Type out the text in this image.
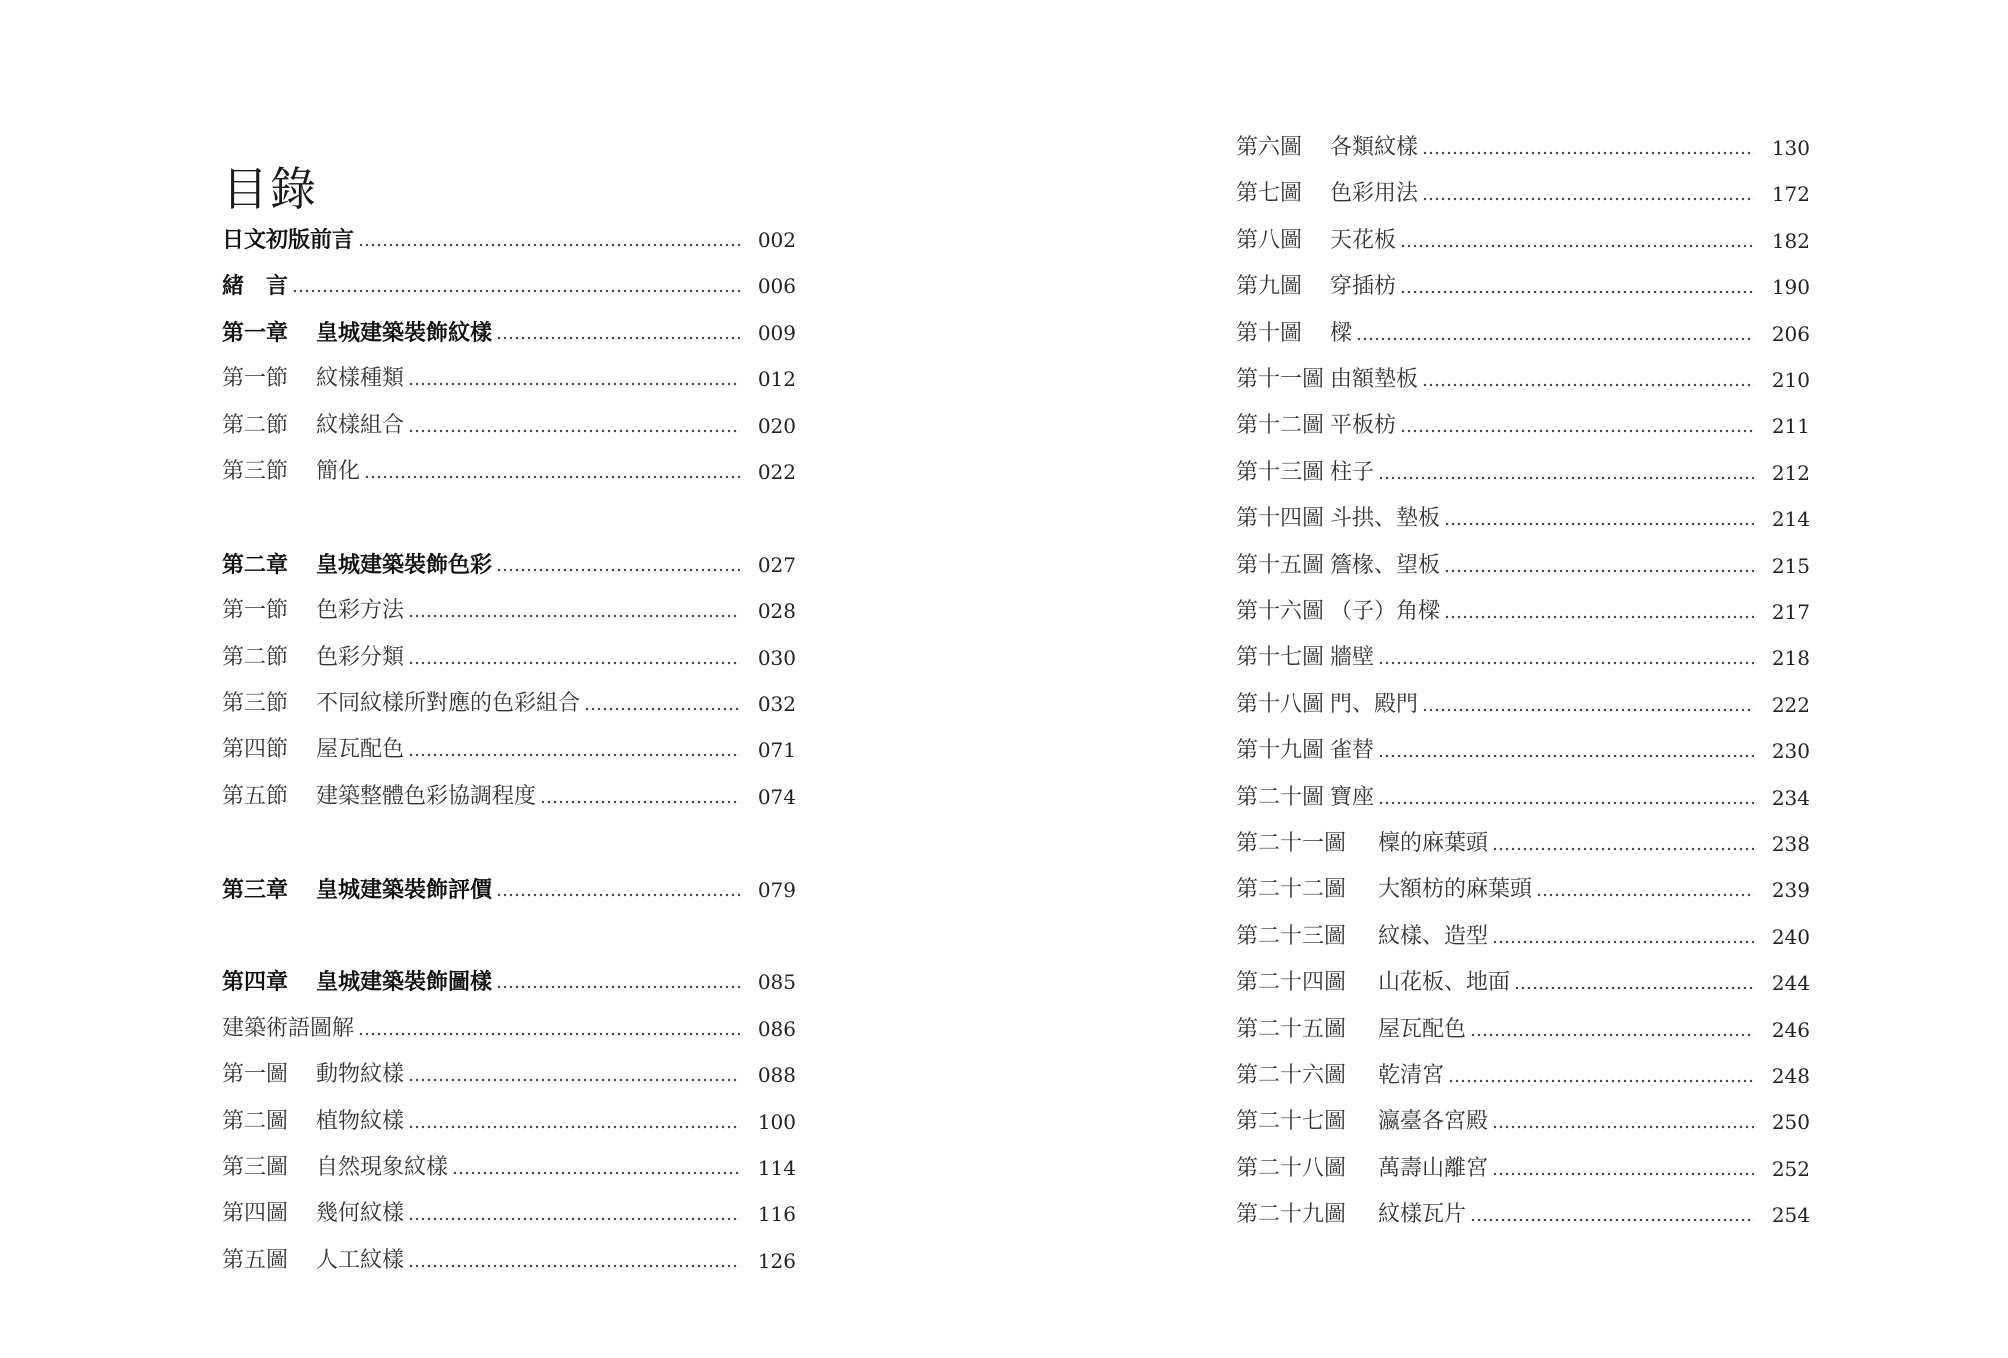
目錄
日文初版前言	002
緒　言	006
第一章	皇城建築裝飾紋樣	009
第一節	紋樣種類	012
第二節	紋樣組合	020
第三節	簡化	022
第二章	皇城建築裝飾色彩	027
第一節	色彩方法	028
第二節	色彩分類	030
第三節	不同紋樣所對應的色彩組合	032
第四節	屋瓦配色	071
第五節	建築整體色彩協調程度	074
第三章	皇城建築裝飾評價	079
第四章	皇城建築裝飾圖樣	085
建築術語圖解	086
第一圖	動物紋樣	088
第二圖	植物紋樣	100
第三圖	自然現象紋樣	114
第四圖	幾何紋樣	116
第五圖	人工紋樣	126
第六圖	各類紋樣	130
第七圖	色彩用法	172
第八圖	天花板	182
第九圖	穿插枋	190
第十圖	樑	206
第十一圖 由額墊板	210
第十二圖 平板枋	211
第十三圖 柱子	212
第十四圖 斗拱、墊板	214
第十五圖 簷椽、望板	215
第十六圖 （子）角樑	217
第十七圖 牆壁	218
第十八圖 門、殿門	222
第十九圖 雀替	230
第二十圖 寶座	234
第二十一圖	檁的麻葉頭	238
第二十二圖	大額枋的麻葉頭	239
第二十三圖	紋樣、造型	240
第二十四圖	山花板、地面	244
第二十五圖	屋瓦配色	246
第二十六圖	乾清宮	248
第二十七圖	瀛臺各宮殿	250
第二十八圖	萬壽山離宮	252
第二十九圖	紋樣瓦片	254
